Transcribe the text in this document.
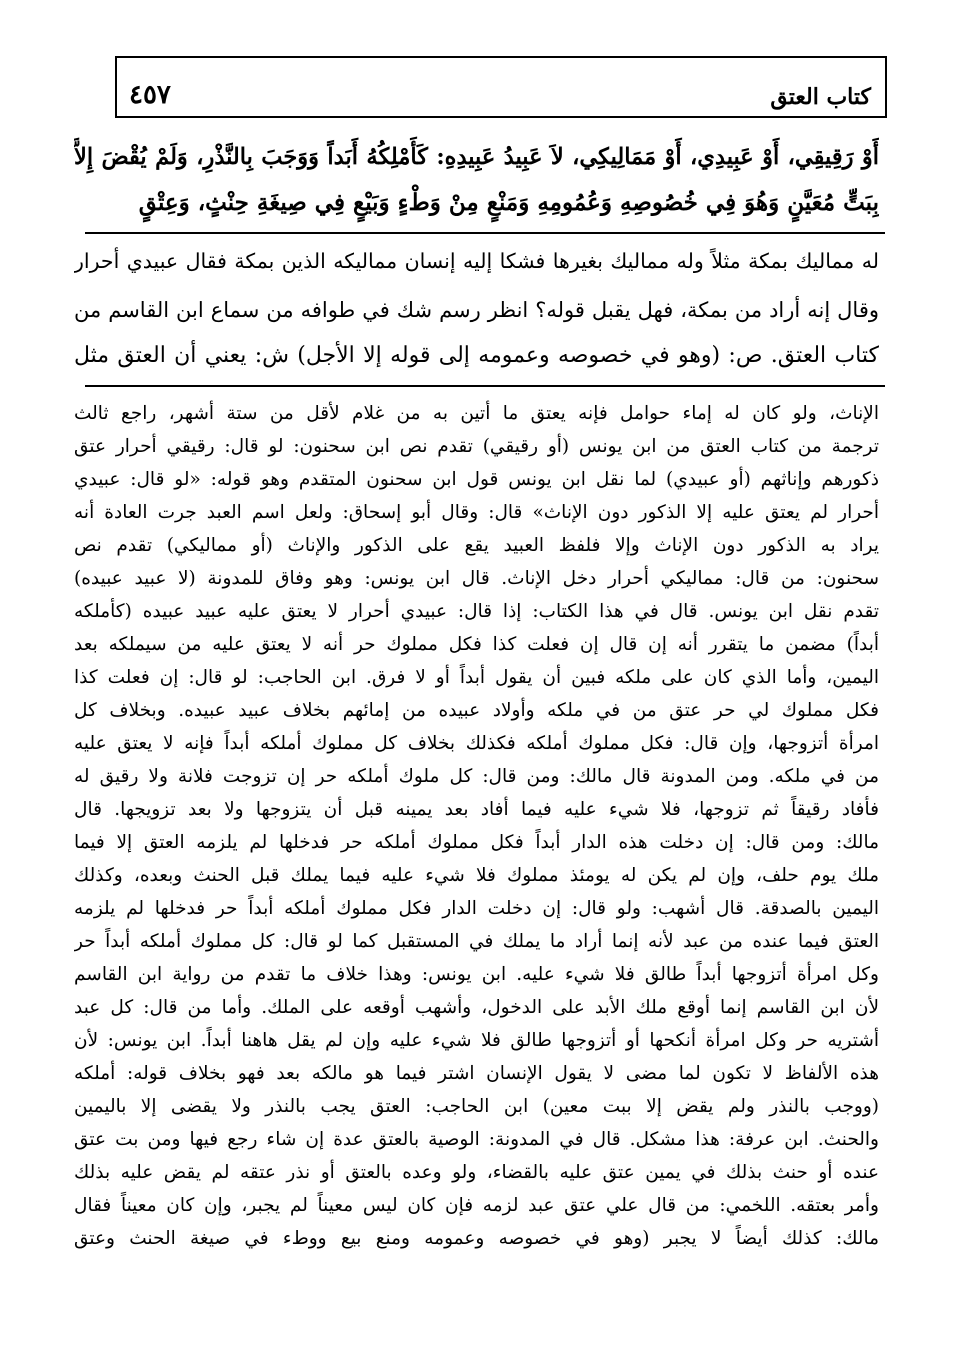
كتاب العتق
٤٥٧
أَوْ رَقِيقِي، أَوْ عَبِيدِي، أَوْ مَمَالِيكِي، لاَ عَبِيدُ عَبِيدِهِ: كَأَمْلِكُهُ أَبَداً وَوَجَبَ بِالنَّذْرِ، وَلَمْ يُقْضَ إِلاَّ
بِبَتٍّ مُعَيَّنٍ وَهُوَ فِي خُصُوصِهِ وَعُمُومِهِ وَمَنْعٍ مِنْ وَطْءٍ وَبَيْعٍ فِي صِيغَةِ حِنْثٍ، وَعِتْقٍ
له مماليك بمكة مثلاً وله مماليك بغيرها فشكا إليه إنسان مماليكه الذين بمكة فقال عبيدي أحرار
وقال إنه أراد من بمكة، فهل يقبل قوله؟ انظر رسم شك في طوافه من سماع ابن القاسم من
كتاب العتق. ص: (وهو في خصوصه وعمومه إلى قوله إلا الأجل) ش: يعني أن العتق مثل
الإناث، ولو كان له إماء حوامل فإنه يعتق ما أتين به من غلام لأقل من ستة أشهر، راجع ثالث
ترجمة من كتاب العتق من ابن يونس (أو رقيقي) تقدم نص ابن سحنون: لو قال: رقيقي أحرار عتق
ذكورهم وإناثهم (أو عبيدي) لما نقل ابن يونس قول ابن سحنون المتقدم وهو قوله: «لو قال: عبيدي
أحرار لم يعتق عليه إلا الذكور دون الإناث» قال: وقال أبو إسحاق: ولعل اسم العبد جرت العادة أنه
يراد به الذكور دون الإناث وإلا فلفظ العبيد يقع على الذكور والإناث (أو مماليكي) تقدم نص
سحنون: من قال: مماليكي أحرار دخل الإناث. قال ابن يونس: وهو وفاق للمدونة (لا عبيد عبيده)
تقدم نقل ابن يونس. قال في هذا الكتاب: إذا قال: عبيدي أحرار لا يعتق عليه عبيد عبيده (كأملكه
أبداً) مضمن ما يتقرر أنه إن قال إن فعلت كذا فكل مملوك حر أنه لا يعتق عليه من سيملكه بعد
اليمين، وأما الذي كان على ملكه فبين أن يقول أبداً أو لا فرق. ابن الحاجب: لو قال: إن فعلت كذا
فكل مملوك لي حر عتق من في ملكه وأولاد عبيده من إمائهم بخلاف عبيد عبيده. وبخلاف كل
امرأة أتزوجها، وإن قال: فكل مملوك أملكه فكذلك بخلاف كل مملوك أملكه أبداً فإنه لا يعتق عليه
من في ملكه. ومن المدونة قال مالك: ومن قال: كل ملوك أملكه حر إن تزوجت فلانة ولا رقيق له
فأفاد رقيقاً ثم تزوجها، فلا شيء عليه فيما أفاد بعد يمينه قبل أن يتزوجها ولا بعد تزويجها. قال
مالك: ومن قال: إن دخلت هذه الدار أبداً فكل مملوك أملكه حر فدخلها لم يلزمه العتق إلا فيما
ملك يوم حلف، وإن لم يكن له يومئذ مملوك فلا شيء عليه فيما يملك قبل الحنث وبعده، وكذلك
اليمين بالصدقة. قال أشهب: ولو قال: إن دخلت الدار فكل مملوك أملكه أبداً حر فدخلها لم يلزمه
العتق فيما عنده من عبد لأنه إنما أراد ما يملك في المستقبل كما لو قال: كل مملوك أملكه أبداً حر
وكل امرأة أتزوجها أبداً طالق فلا شيء عليه. ابن يونس: وهذا خلاف ما تقدم من رواية ابن القاسم
لأن ابن القاسم إنما أوقع ملك الأبد على الدخول، وأشهب أوقعه على الملك. وأما من قال: كل عبد
أشتريه حر وكل امرأة أنكحها أو أتزوجها طالق فلا شيء عليه وإن لم يقل هاهنا أبداً. ابن يونس: لأن
هذه الألفاظ لا تكون لما مضى لا يقول الإنسان اشتر فيما هو مالكه بعد فهو بخلاف قوله: أملكه
(ووجب بالنذر ولم يقض إلا ببت معين) ابن الحاجب: العتق يجب بالنذر ولا يقضى إلا باليمين
والحنث. ابن عرفة: هذا مشكل. قال في المدونة: الوصية بالعتق عدة إن شاء رجع فيها ومن بت عتق
عنده أو حنث بذلك في يمين عتق عليه بالقضاء، ولو وعده بالعتق أو نذر عتقه لم يقض عليه بذلك
وأمر بعتقه. اللخمي: من قال علي عتق عبد لزمه فإن كان ليس معيناً لم يجبر، وإن كان معيناً فقال
مالك: كذلك أيضاً لا يجبر (وهو في خصوصه وعمومه ومنع بيع ووطء في صيغة الحنث وعتق
